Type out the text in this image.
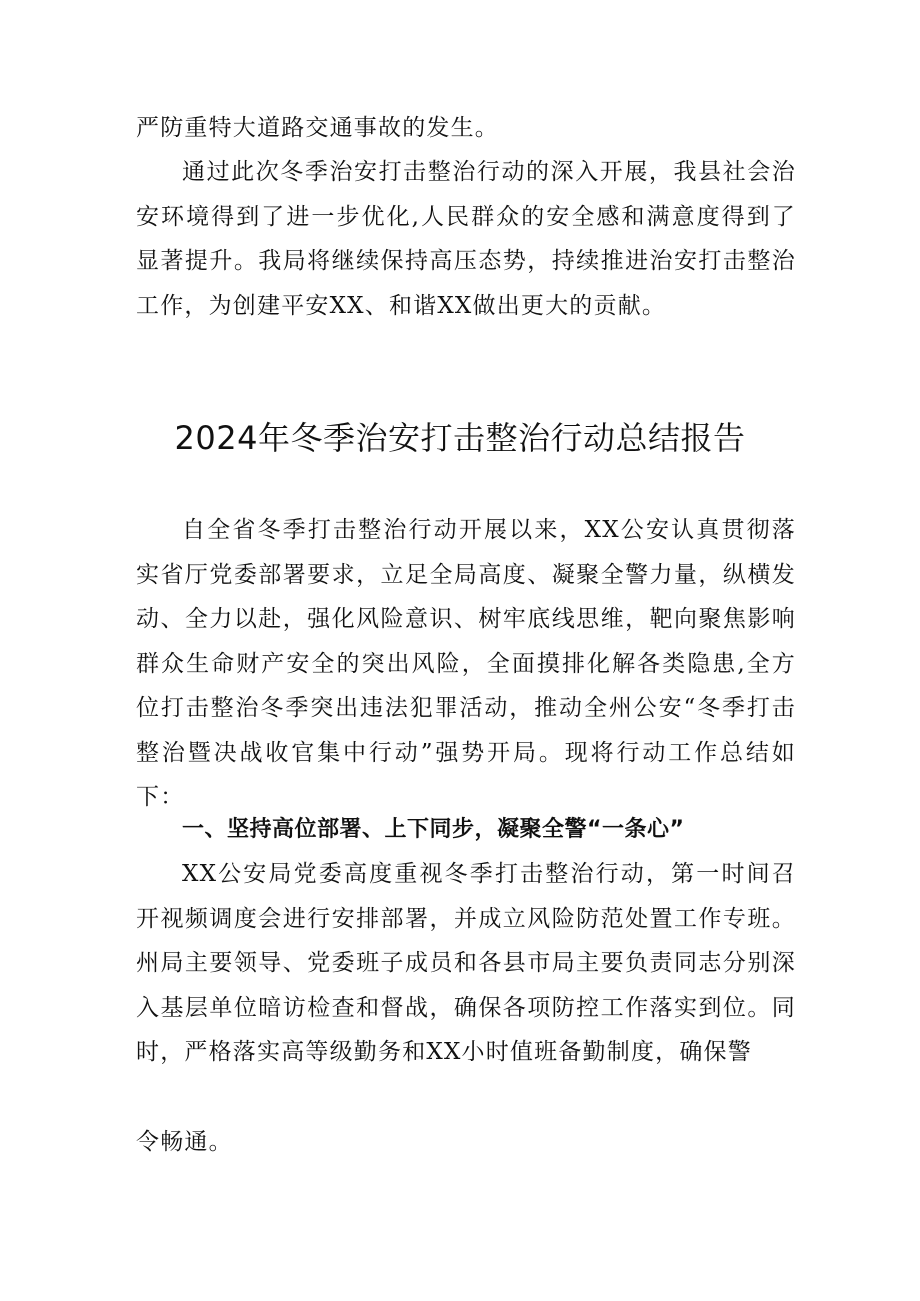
严防重特大道路交通事故的发生。

通过此次冬季治安打击整治行动的深入开展，我县社会治安环境得到了进一步优化,人民群众的安全感和满意度得到了显著提升。我局将继续保持高压态势，持续推进治安打击整治工作，为创建平安XX、和谐XX做出更大的贡献。

2024年冬季治安打击整治行动总结报告

自全省冬季打击整治行动开展以来，XX公安认真贯彻落实省厅党委部署要求，立足全局高度、凝聚全警力量，纵横发动、全力以赴，强化风险意识、树牢底线思维，靶向聚焦影响群众生命财产安全的突出风险，全面摸排化解各类隐患,全方位打击整治冬季突出违法犯罪活动，推动全州公安“冬季打击整治暨决战收官集中行动”强势开局。现将行动工作总结如下：

一、坚持高位部署、上下同步，凝聚全警“一条心”

XX公安局党委高度重视冬季打击整治行动，第一时间召开视频调度会进行安排部署，并成立风险防范处置工作专班。州局主要领导、党委班子成员和各县市局主要负责同志分别深入基层单位暗访检查和督战，确保各项防控工作落实到位。同时，严格落实高等级勤务和XX小时值班备勤制度，确保警

令畅通。
